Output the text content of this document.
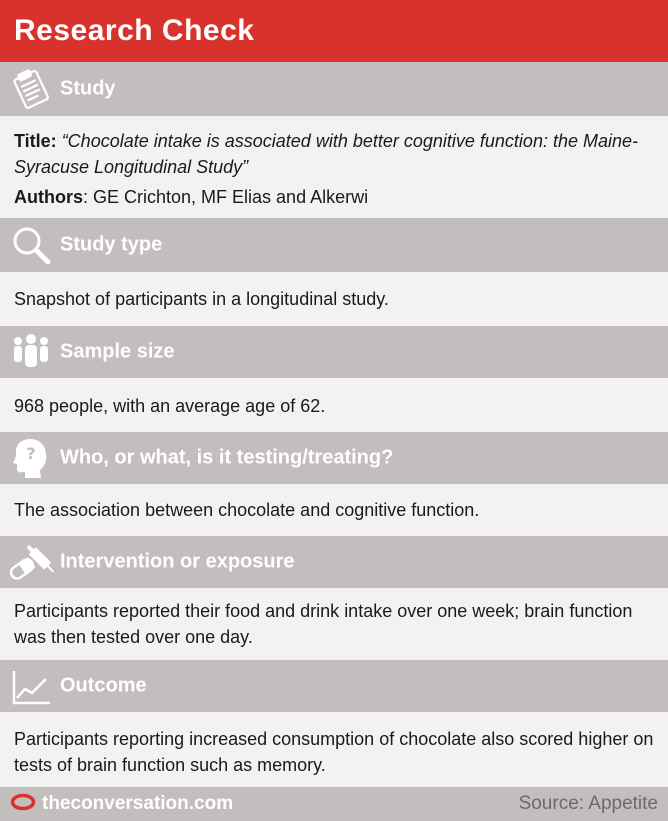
Research Check
Study
Title: “Chocolate intake is associated with better cognitive function: the Maine-Syracuse Longitudinal Study”
Authors: GE Crichton, MF Elias and Alkerwi
Study type
Snapshot of participants in a longitudinal study.
Sample size
968 people, with an average age of 62.
? Who, or what, is it testing/treating?
The association between chocolate and cognitive function.
Intervention or exposure
Participants reported their food and drink intake over one week; brain function was then tested over one day.
Outcome
Participants reporting increased consumption of chocolate also scored higher on tests of brain function such as memory.
theconversation.com	Source: Appetite
